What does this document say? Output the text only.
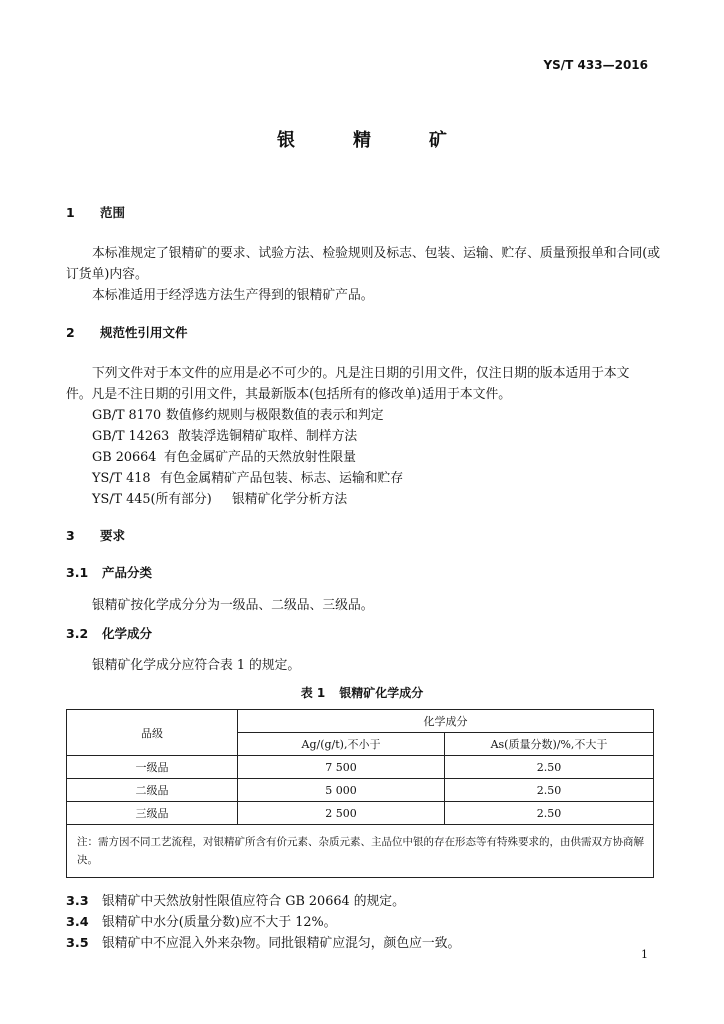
YS/T 433—2016
银　精　矿
1 范围
本标准规定了银精矿的要求、试验方法、检验规则及标志、包装、运输、贮存、质量预报单和合同(或
订货单)内容。
本标准适用于经浮选方法生产得到的银精矿产品。
2 规范性引用文件
下列文件对于本文件的应用是必不可少的。凡是注日期的引用文件，仅注日期的版本适用于本文
件。凡是不注日期的引用文件，其最新版本(包括所有的修改单)适用于本文件。
GB/T 8170 数值修约规则与极限数值的表示和判定
GB/T 14263 散装浮选铜精矿取样、制样方法
GB 20664 有色金属矿产品的天然放射性限量
YS/T 418 有色金属精矿产品包装、标志、运输和贮存
YS/T 445(所有部分) 银精矿化学分析方法
3 要求
3.1 产品分类
银精矿按化学成分分为一级品、二级品、三级品。
3.2 化学成分
银精矿化学成分应符合表 1 的规定。
表 1 银精矿化学成分
品级	化学成分	
	Ag/(g/t),不小于	As(质量分数)/%,不大于
一级品	7 500	2.50
二级品	5 000	2.50
三级品	2 500	2.50
注：需方因不同工艺流程，对银精矿所含有价元素、杂质元素、主品位中银的存在形态等有特殊要求的，由供需双方协商解决。		
3.3 银精矿中天然放射性限值应符合 GB 20664 的规定。
3.4 银精矿中水分(质量分数)应不大于 12%。
3.5 银精矿中不应混入外来杂物。同批银精矿应混匀，颜色应一致。
1
